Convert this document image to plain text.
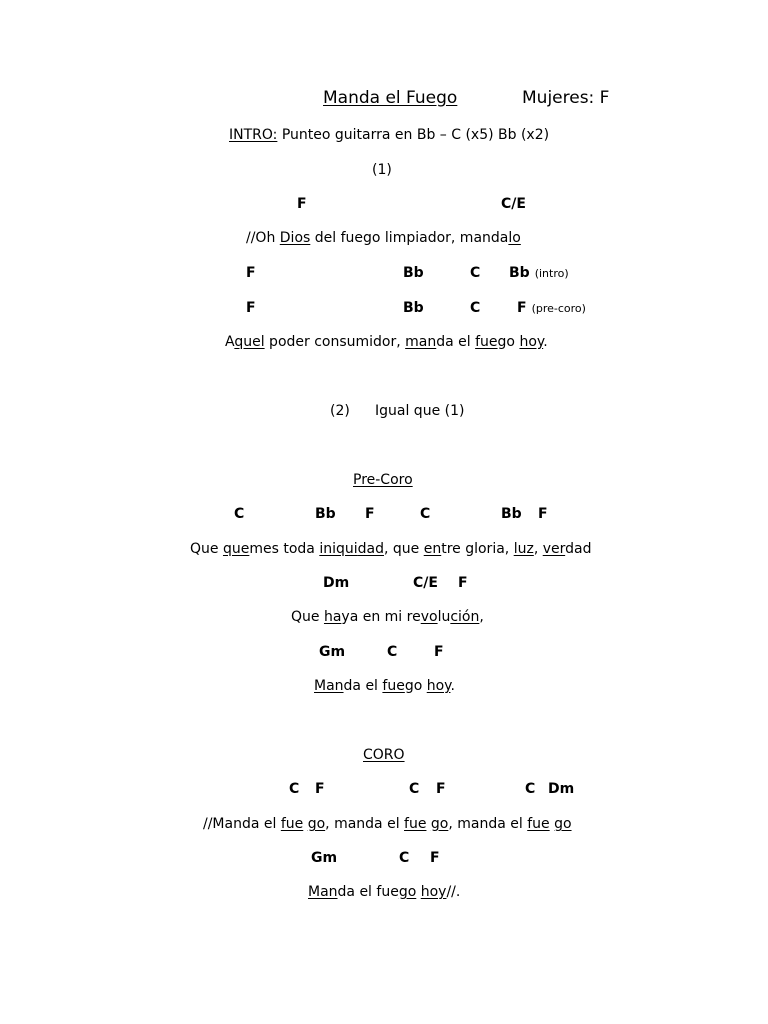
Manda el Fuego	Mujeres: F
INTRO: Punteo guitarra en Bb – C (x5) Bb (x2)
(1)
F	C/E
//Oh Dios del fuego limpiador, mandalo
F	Bb	C Bb (intro)
F	Bb	C	F (pre-coro)
Aquel poder consumidor, manda el fuego hoy.
(2) Igual que (1)
Pre-Coro
C	Bb F	C	Bb F
Que quemes toda iniquidad, que entre gloria, luz, verdad
Dm	C/E F
Que haya en mi revolución,
Gm	C	F
Manda el fuego hoy.
CORO
C F	C F	C Dm
//Manda el fue go, manda el fue go, manda el fue go
Gm	C F
Manda el fuego hoy//.
